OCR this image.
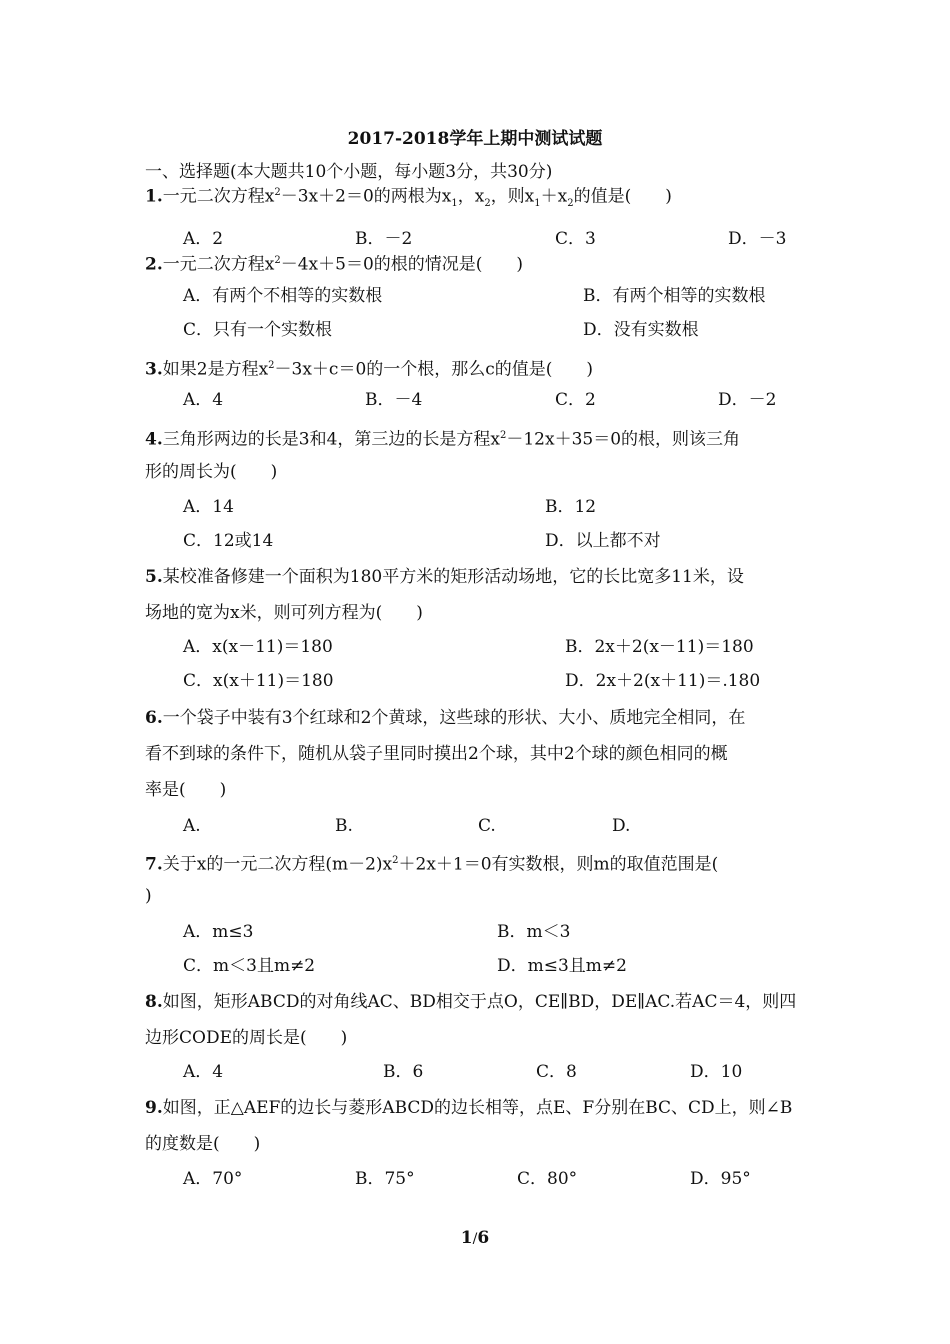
2017-2018学年上期中测试试题
一、选择题(本大题共10个小题，每小题3分，共30分)
1.一元二次方程$x^2-3x+2=0$的两根为$x_1$，$x_2$，则$x_1+x_2$的值是(　　)
A．2	B．－2	C．3	D．－3
2.一元二次方程$x^2-4x+5=0$的根的情况是(　　)
A．有两个不相等的实数根	B．有两个相等的实数根
C．只有一个实数根	D．没有实数根
3.如果2是方程$x^2-3x+c=0$的一个根，那么c的值是(　　)
A．4	B．－4	C．2	D．－2
4.三角形两边的长是3和4，第三边的长是方程$x^2-12x+35=0$的根，则该三角
形的周长为(　　)
A．14	B．12
C．12或14	D．以上都不对
5.某校准备修建一个面积为180平方米的矩形活动场地，它的长比宽多11米，设
场地的宽为x米，则可列方程为(　　)
A．x(x－11)＝180	B．2x＋2(x－11)＝180
C．x(x＋11)＝180	D．2x＋2(x＋11)＝.180
6.一个袋子中装有3个红球和2个黄球，这些球的形状、大小、质地完全相同，在
看不到球的条件下，随机从袋子里同时摸出2个球，其中2个球的颜色相同的概
率是(　　)
A.	B.	C.	D.
7.关于x的一元二次方程$(m-2)x^2+2x+1=0$有实数根，则m的取值范围是(
)
A．m≤3	B．m＜3
C．m＜3且m≠2	D．m≤3且m≠2
8.如图，矩形ABCD的对角线AC、BD相交于点O，CE∥BD，DE∥AC.若AC＝4，则四
边形CODE的周长是(　　)
A．4	B．6	C．8	D．10
9.如图，正△AEF的边长与菱形ABCD的边长相等，点E、F分别在BC、CD上，则∠B
的度数是(　　)
A．70°	B．75°	C．80°	D．95°
1/6
